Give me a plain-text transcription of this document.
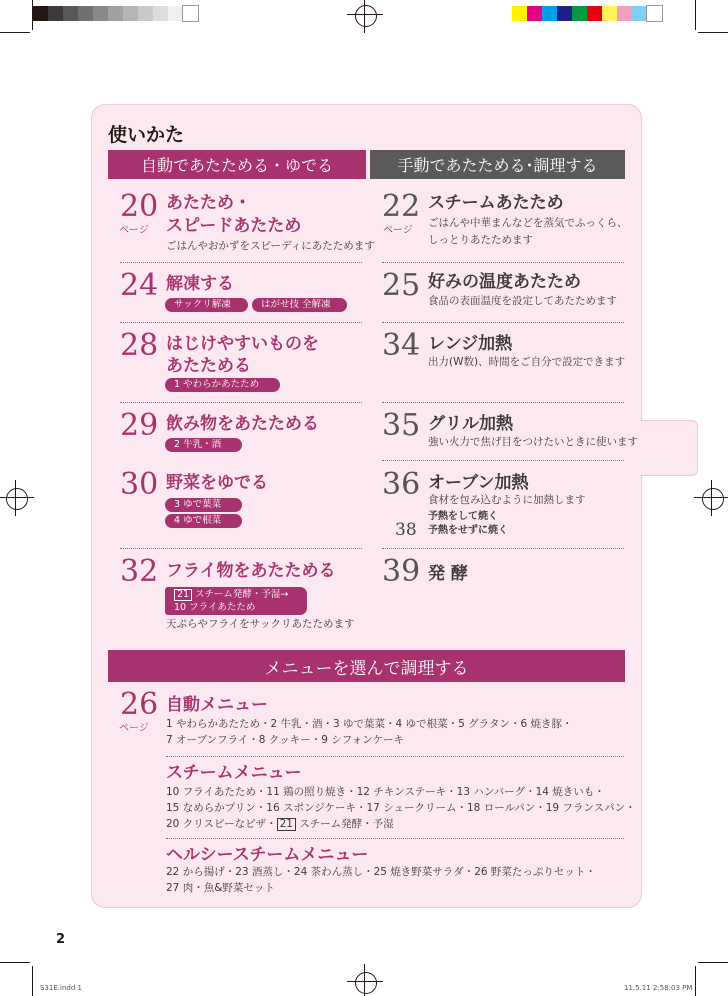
使いかた
自動であたためる・ゆでる	手動であたためる･調理する
20
ページ
あたため・
スピードあたため
ごはんやおかずをスピーディにあたためます
24 解凍する
サックリ解凍	はがせ技 全解凍
28 はじけやすいものを
あたためる
1 やわらかあたため
29 飲み物をあたためる
2 牛乳・酒
30 野菜をゆでる
3 ゆで葉菜
4 ゆで根菜
32 フライ物をあたためる
21 スチーム発酵・予湿→
10 フライあたため
天ぷらやフライをサックリあたためます
22
ページ
スチームあたため
ごはんや中華まんなどを蒸気でふっくら、
しっとりあたためます
25 好みの温度あたため
食品の表面温度を設定してあたためます
34 レンジ加熱
出力(W数)、時間をご自分で設定できます
35 グリル加熱
強い火力で焦げ目をつけたいときに使います
36 オーブン加熱
食材を包み込むように加熱します
予熱をして焼く
38 予熱をせずに焼く
39 発 酵
メニューを選んで調理する
26
ページ
自動メニュー
1 やわらかあたため・2 牛乳・酒・3 ゆで葉菜・4 ゆで根菜・5 グラタン・6 焼き豚・
7 オーブンフライ・8 クッキー・9 シフォンケーキ
スチームメニュー
10 フライあたため・11 鶏の照り焼き・12 チキンステーキ・13 ハンバーグ・14 焼きいも・
15 なめらかプリン・16 スポンジケーキ・17 シュークリーム・18 ロールパン・19 フランスパン・
20 クリスピーなピザ・ 21 スチーム発酵・予湿
ヘルシースチームメニュー
22 から揚げ・23 酒蒸し・24 茶わん蒸し・25 焼き野菜サラダ・26 野菜たっぷりセット・
27 肉・魚&野菜セット
2
S31E.indd 1	11.5.11 2:58:03 PM
